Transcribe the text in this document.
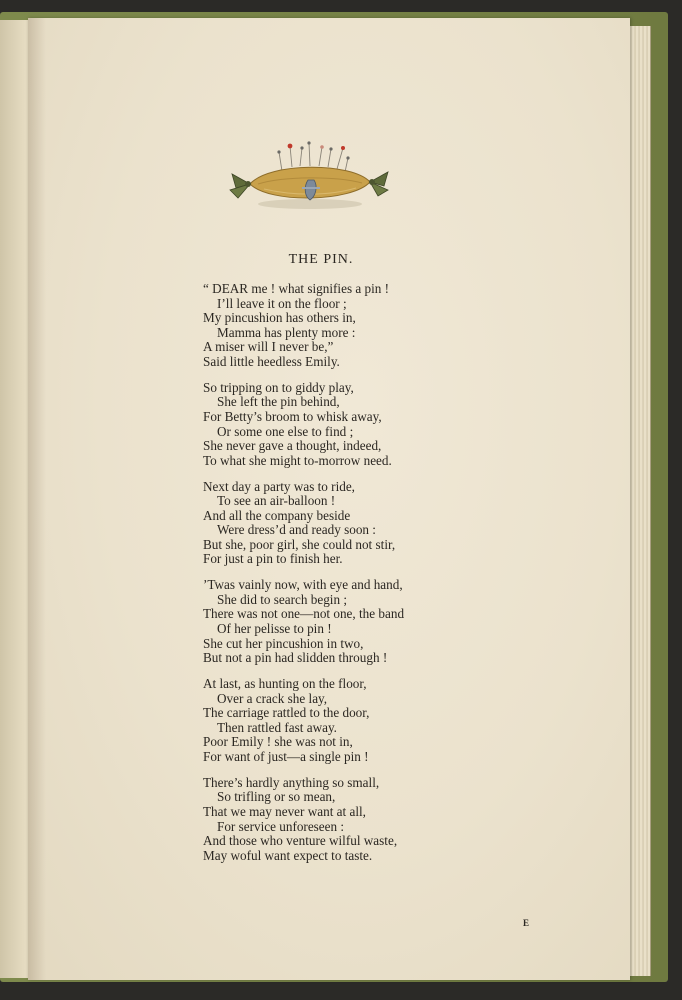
THE PIN.
“ DEAR me ! what signifies a pin !
I’ll leave it on the floor ;
My pincushion has others in,
Mamma has plenty more :
A miser will I never be,”
Said little heedless Emily.
So tripping on to giddy play,
She left the pin behind,
For Betty’s broom to whisk away,
Or some one else to find ;
She never gave a thought, indeed,
To what she might to-morrow need.
Next day a party was to ride,
To see an air-balloon !
And all the company beside
Were dress’d and ready soon :
But she, poor girl, she could not stir,
For just a pin to finish her.
’Twas vainly now, with eye and hand,
She did to search begin ;
There was not one—not one, the band
Of her pelisse to pin !
She cut her pincushion in two,
But not a pin had slidden through !
At last, as hunting on the floor,
Over a crack she lay,
The carriage rattled to the door,
Then rattled fast away.
Poor Emily ! she was not in,
For want of just—a single pin !
There’s hardly anything so small,
So trifling or so mean,
That we may never want at all,
For service unforeseen :
And those who venture wilful waste,
May woful want expect to taste.
E
